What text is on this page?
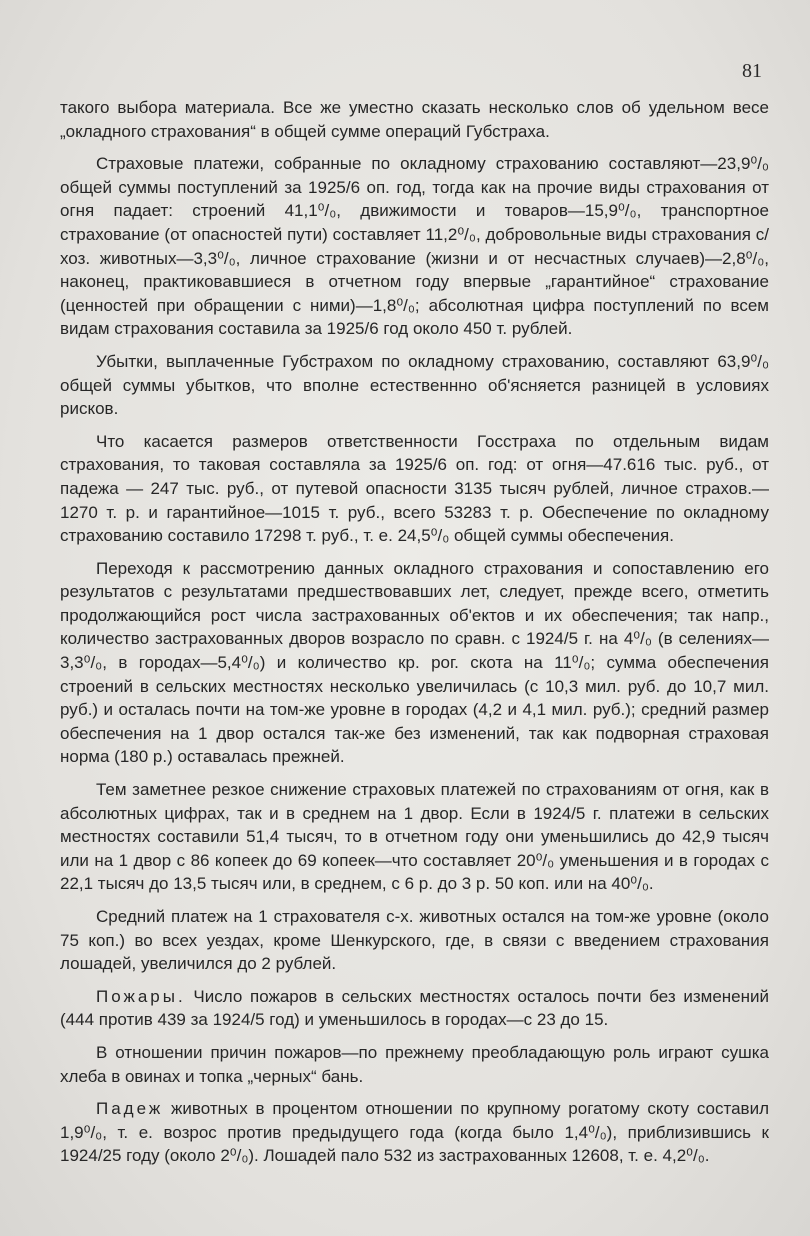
81

такого выбора материала. Все же уместно сказать несколько слов об удельном весе „окладного страхования“ в общей сумме операций Губстраха.

Страховые платежи, собранные по окладному страхованию составляют—23,9⁰/₀ общей суммы поступлений за 1925/6 оп. год, тогда как на прочие виды страхования от огня падает: строений 41,1⁰/₀, движимости и товаров—15,9⁰/₀, транспортное страхование (от опасностей пути) составляет 11,2⁰/₀, добровольные виды страхования с/хоз. животных—3,3⁰/₀, личное страхование (жизни и от несчастных случаев)—2,8⁰/₀, наконец, практиковавшиеся в отчетном году впервые „гарантийное“ страхование (ценностей при обращении с ними)—1,8⁰/₀; абсолютная цифра поступлений по всем видам страхования составила за 1925/6 год около 450 т. рублей.

Убытки, выплаченные Губстрахом по окладному страхованию, составляют 63,9⁰/₀ общей суммы убытков, что вполне естественнно об'ясняется разницей в условиях рисков.

Что касается размеров ответственности Госстраха по отдельным видам страхования, то таковая составляла за 1925/6 оп. год: от огня—47.616 тыс. руб., от падежа — 247 тыс. руб., от путевой опасности 3135 тысяч рублей, личное страхов.—1270 т. р. и гарантийное—1015 т. руб., всего 53283 т. р. Обеспечение по окладному страхованию составило 17298 т. руб., т. е. 24,5⁰/₀ общей суммы обеспечения.

Переходя к рассмотрению данных окладного страхования и сопоставлению его результатов с результатами предшествовавших лет, следует, прежде всего, отметить продолжающийся рост числа застрахованных об'ектов и их обеспечения; так напр., количество застрахованных дворов возрасло по сравн. с 1924/5 г. на 4⁰/₀ (в селениях—3,3⁰/₀, в городах—5,4⁰/₀) и количество кр. рог. скота на 11⁰/₀; сумма обеспечения строений в сельских местностях несколько увеличилась (с 10,3 мил. руб. до 10,7 мил. руб.) и осталась почти на том-же уровне в городах (4,2 и 4,1 мил. руб.); средний размер обеспечения на 1 двор остался так-же без изменений, так как подворная страховая норма (180 р.) оставалась прежней.

Тем заметнее резкое снижение страховых платежей по страхованиям от огня, как в абсолютных цифрах, так и в среднем на 1 двор. Если в 1924/5 г. платежи в сельских местностях составили 51,4 тысяч, то в отчетном году они уменьшились до 42,9 тысяч или на 1 двор с 86 копеек до 69 копеек—что составляет 20⁰/₀ уменьшения и в городах с 22,1 тысяч до 13,5 тысяч или, в среднем, с 6 р. до 3 р. 50 коп. или на 40⁰/₀.

Средний платеж на 1 страхователя с-х. животных остался на том-же уровне (около 75 коп.) во всех уездах, кроме Шенкурского, где, в связи с введением страхования лошадей, увеличился до 2 рублей.

Пожары. Число пожаров в сельских местностях осталось почти без изменений (444 против 439 за 1924/5 год) и уменьшилось в городах—с 23 до 15.

В отношении причин пожаров—по прежнему преобладающую роль играют сушка хлеба в овинах и топка „черных“ бань.

Падеж животных в процентом отношении по крупному рогатому скоту составил 1,9⁰/₀, т. е. возрос против предыдущего года (когда было 1,4⁰/₀), приблизившись к 1924/25 году (около 2⁰/₀). Лошадей пало 532 из застрахованных 12608, т. е. 4,2⁰/₀.
